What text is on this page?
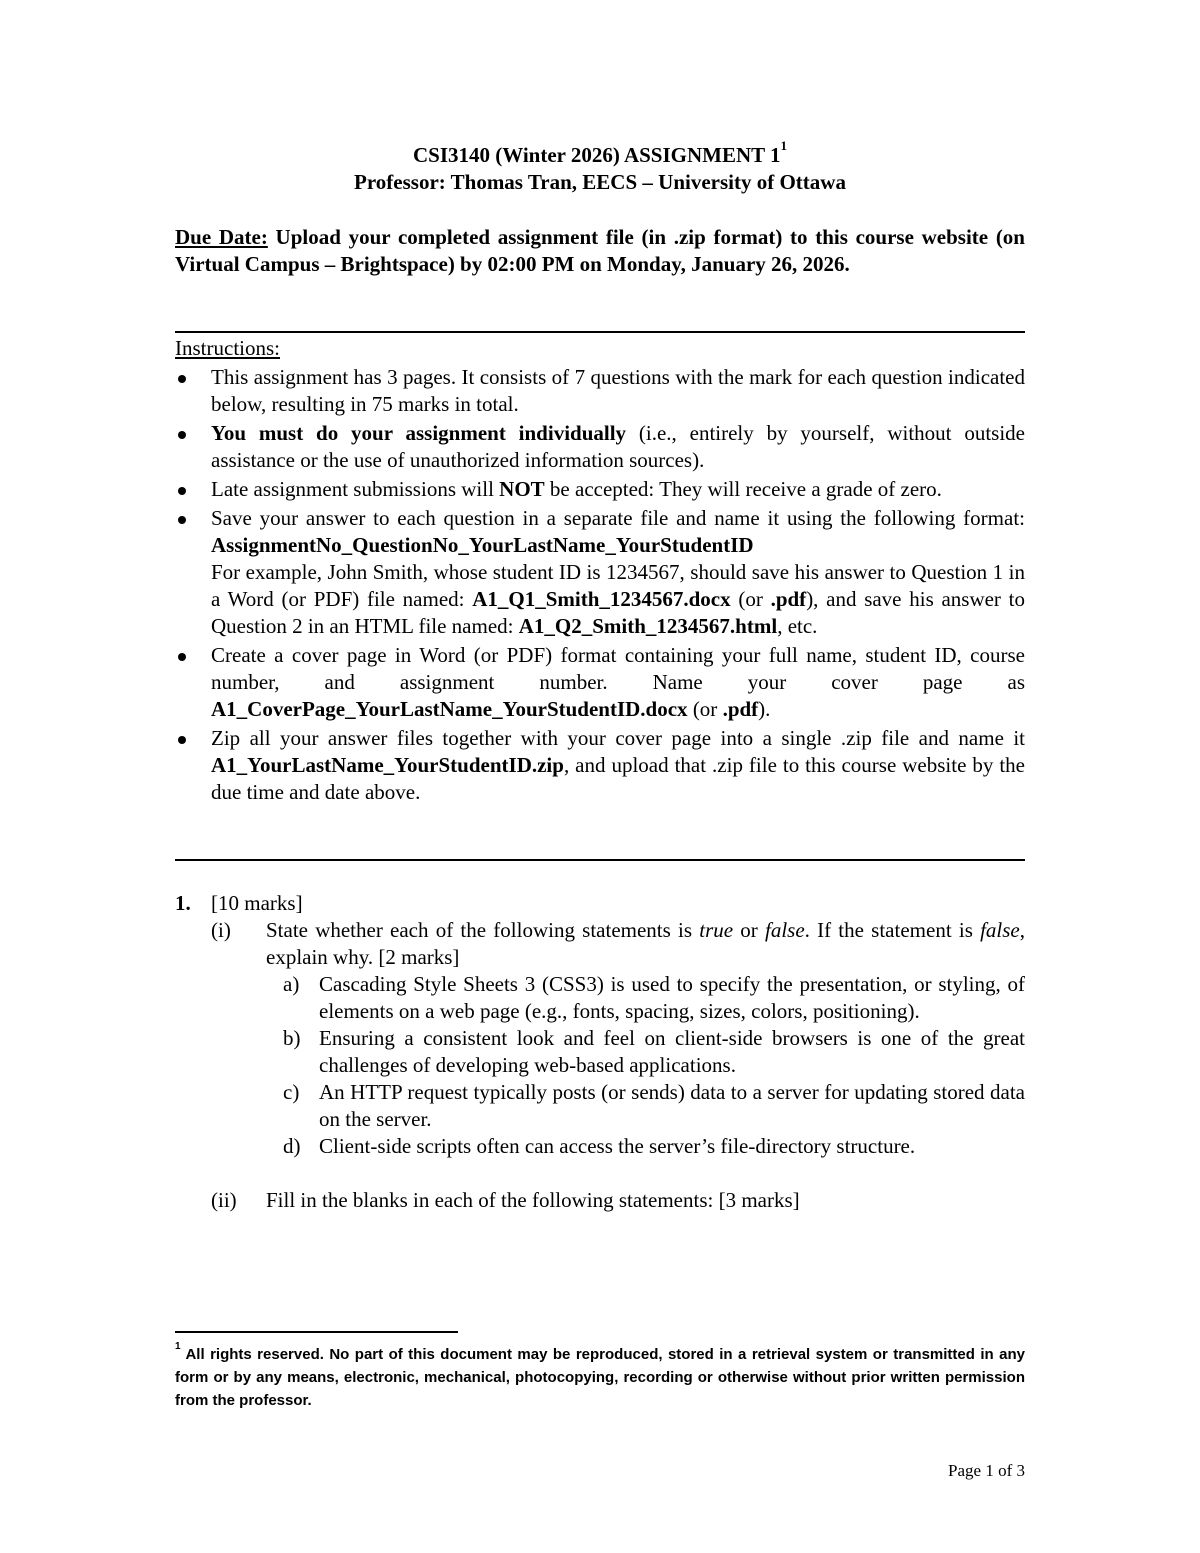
CSI3140 (Winter 2026) ASSIGNMENT $1^1$
Professor: Thomas Tran, EECS – University of Ottawa
Due Date: Upload your completed assignment file (in .zip format) to this course website (on Virtual Campus – Brightspace) by 02:00 PM on Monday, January 26, 2026.
Instructions:
This assignment has 3 pages. It consists of 7 questions with the mark for each question indicated below, resulting in 75 marks in total.
You must do your assignment individually (i.e., entirely by yourself, without outside assistance or the use of unauthorized information sources).
Late assignment submissions will NOT be accepted: They will receive a grade of zero.
Save your answer to each question in a separate file and name it using the following format: AssignmentNo_QuestionNo_YourLastName_YourStudentID
For example, John Smith, whose student ID is 1234567, should save his answer to Question 1 in a Word (or PDF) file named: A1_Q1_Smith_1234567.docx (or .pdf), and save his answer to Question 2 in an HTML file named: A1_Q2_Smith_1234567.html, etc.
Create a cover page in Word (or PDF) format containing your full name, student ID, course number, and assignment number. Name your cover page as A1_CoverPage_YourLastName_YourStudentID.docx (or .pdf).
Zip all your answer files together with your cover page into a single .zip file and name it A1_YourLastName_YourStudentID.zip, and upload that .zip file to this course website by the due time and date above.
1. [10 marks]
(i) State whether each of the following statements is true or false. If the statement is false, explain why. [2 marks]
a) Cascading Style Sheets 3 (CSS3) is used to specify the presentation, or styling, of elements on a web page (e.g., fonts, spacing, sizes, colors, positioning).
b) Ensuring a consistent look and feel on client-side browsers is one of the great challenges of developing web-based applications.
c) An HTTP request typically posts (or sends) data to a server for updating stored data on the server.
d) Client-side scripts often can access the server’s file-directory structure.
(ii) Fill in the blanks in each of the following statements: [3 marks]
$^1$ All rights reserved. No part of this document may be reproduced, stored in a retrieval system or transmitted in any form or by any means, electronic, mechanical, photocopying, recording or otherwise without prior written permission from the professor.
Page 1 of 3
